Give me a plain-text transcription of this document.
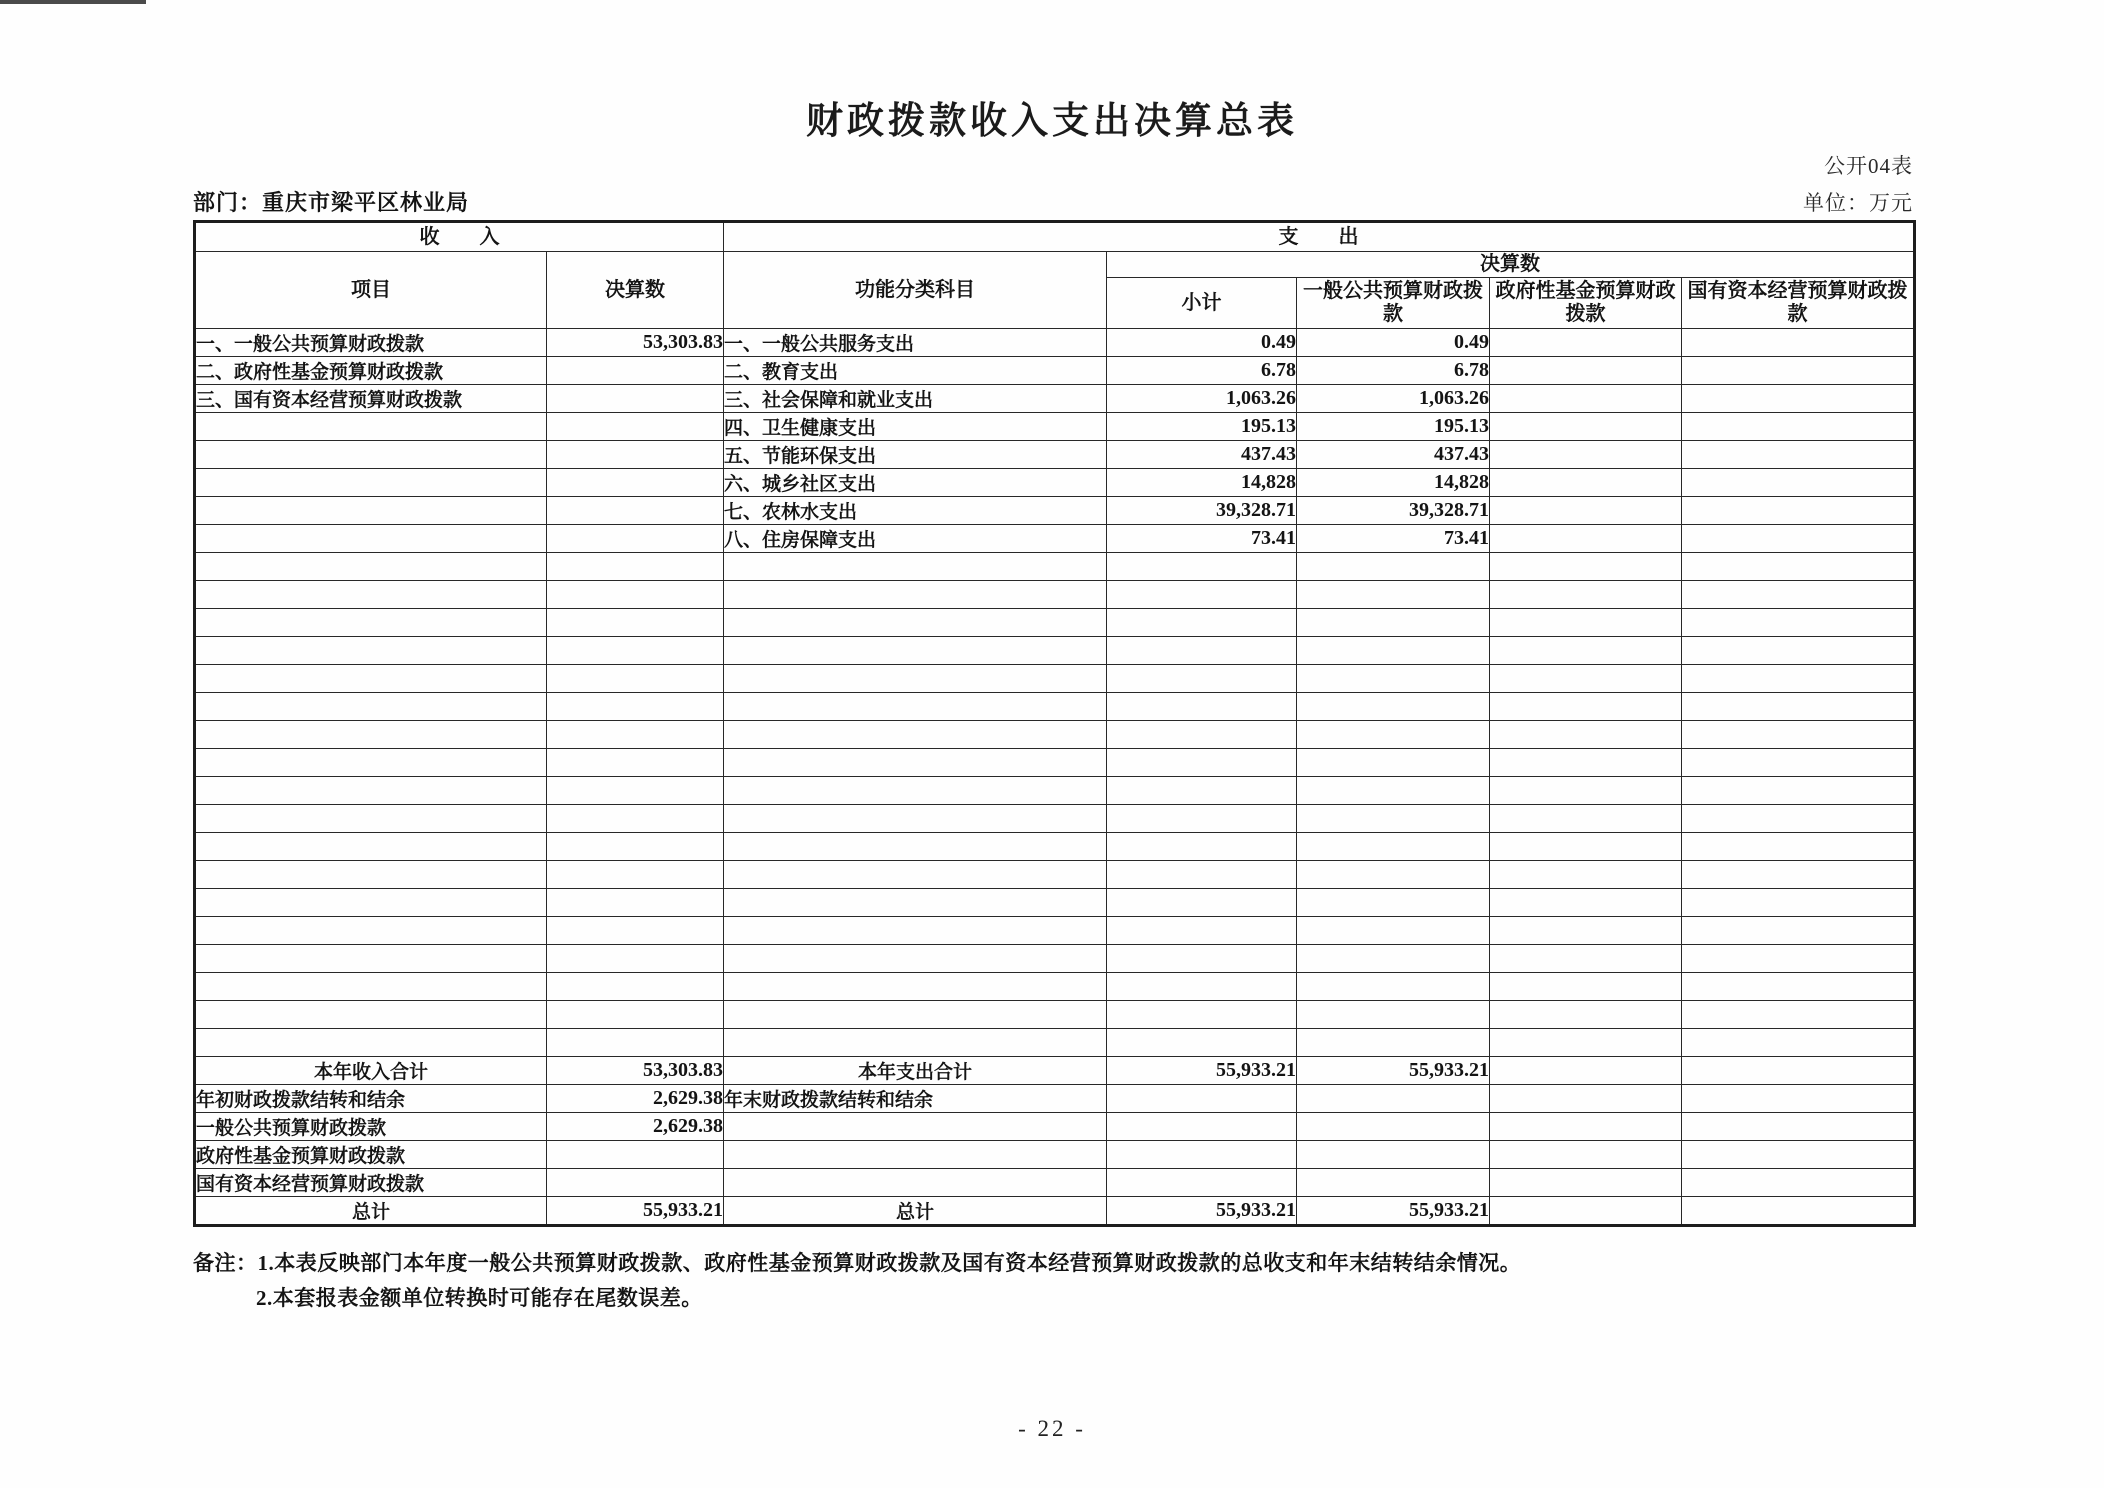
财政拨款收入支出决算总表
公开04表
部门：重庆市梁平区林业局	单位：万元
收　　入		支　　出				
项目	决算数	功能分类科目	决算数			
			小计	一般公共预算财政拨款	政府性基金预算财政拨款	国有资本经营预算财政拨款
一、一般公共预算财政拨款	53,303.83	一、一般公共服务支出	0.49	0.49		
二、政府性基金预算财政拨款		二、教育支出	6.78	6.78		
三、国有资本经营预算财政拨款		三、社会保障和就业支出	1,063.26	1,063.26		
		四、卫生健康支出	195.13	195.13		
		五、节能环保支出	437.43	437.43		
		六、城乡社区支出	14,828	14,828		
		七、农林水支出	39,328.71	39,328.71		
		八、住房保障支出	73.41	73.41		

本年收入合计	53,303.83	本年支出合计	55,933.21	55,933.21		
年初财政拨款结转和结余	2,629.38	年末财政拨款结转和结余				
一般公共预算财政拨款	2,629.38					
政府性基金预算财政拨款						
国有资本经营预算财政拨款						
总计	55,933.21	总计	55,933.21	55,933.21		
备注：1.本表反映部门本年度一般公共预算财政拨款、政府性基金预算财政拨款及国有资本经营预算财政拨款的总收支和年末结转结余情况。
2.本套报表金额单位转换时可能存在尾数误差。
- 22 -
